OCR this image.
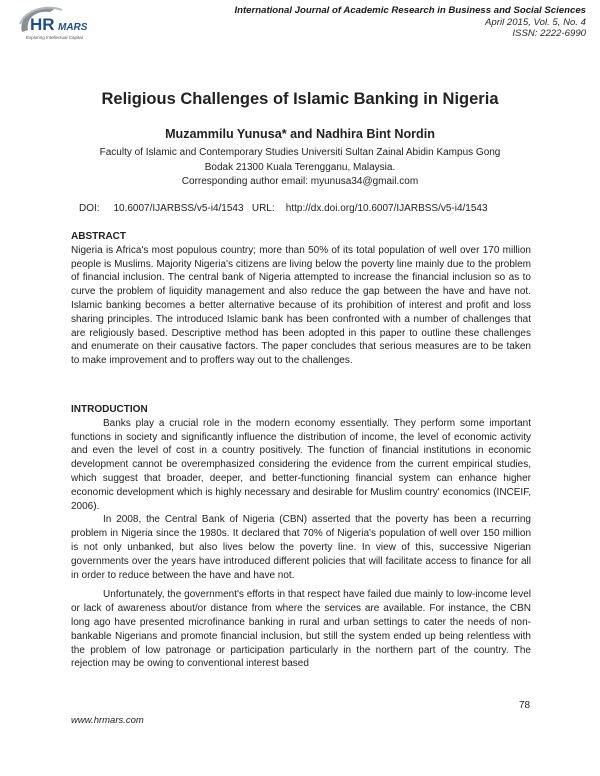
HR MARS
Exploring Intellectual Capital
International Journal of Academic Research in Business and Social Sciences
April 2015, Vol. 5, No. 4
ISSN: 2222-6990
Religious Challenges of Islamic Banking in Nigeria
Muzammilu Yunusa* and Nadhira Bint Nordin
Faculty of Islamic and Contemporary Studies Universiti Sultan Zainal Abidin Kampus Gong
Bodak 21300 Kuala Terengganu, Malaysia.
Corresponding author email: myunusa34@gmail.com
DOI:     10.6007/IJARBSS/v5-i4/1543   URL:    http://dx.doi.org/10.6007/IJARBSS/v5-i4/1543

ABSTRACT

Nigeria is Africa's most populous country; more than 50% of its total population of well over 170 million people is Muslims. Majority Nigeria's citizens are living below the poverty line mainly due to the problem of financial inclusion. The central bank of Nigeria attempted to increase the financial inclusion so as to curve the problem of liquidity management and also reduce the gap between the have and have not. Islamic banking becomes a better alternative because of its prohibition of interest and profit and loss sharing principles. The introduced Islamic bank has been confronted with a number of challenges that are religiously based. Descriptive method has been adopted in this paper to outline these challenges and enumerate on their causative factors. The paper concludes that serious measures are to be taken to make improvement and to proffers way out to the challenges.

INTRODUCTION

Banks play a crucial role in the modern economy essentially. They perform some important functions in society and significantly influence the distribution of income, the level of economic activity and even the level of cost in a country positively. The function of financial institutions in economic development cannot be overemphasized considering the evidence from the current empirical studies, which suggest that broader, deeper, and better-functioning financial system can enhance higher economic development which is highly necessary and desirable for Muslim country' economics (INCEIF, 2006).

In 2008, the Central Bank of Nigeria (CBN) asserted that the poverty has been a recurring problem in Nigeria since the 1980s. It declared that 70% of Nigeria's population of well over 150 million is not only unbanked, but also lives below the poverty line. In view of this, successive Nigerian governments over the years have introduced different policies that will facilitate access to finance for all in order to reduce between the have and have not.

Unfortunately, the government's efforts in that respect have failed due mainly to low-income level or lack of awareness about/or distance from where the services are available. For instance, the CBN long ago have presented microfinance banking in rural and urban settings to cater the needs of non-bankable Nigerians and promote financial inclusion, but still the system ended up being relentless with the problem of low patronage or participation particularly in the northern part of the country. The rejection may be owing to conventional interest based

78
www.hrmars.com
